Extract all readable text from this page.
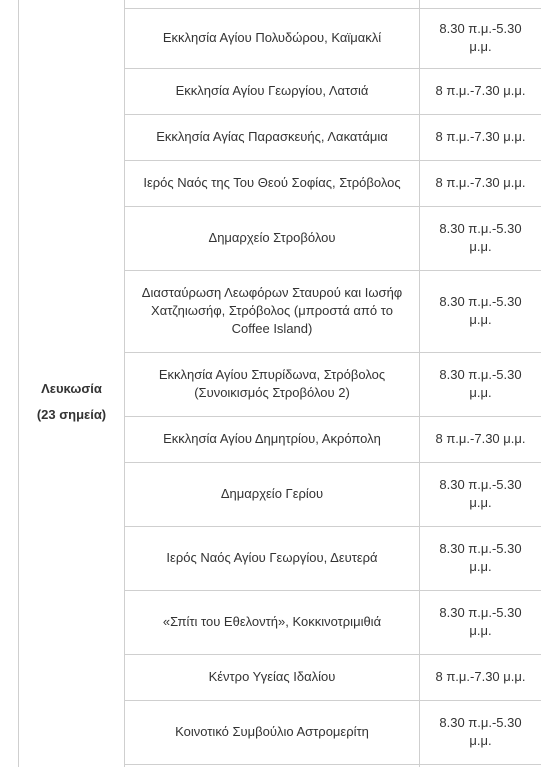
Λευκωσία
(23 σημεία)		

	Εκκλησία Αγίου Πολυδώρου, Καϊμακλί	8.30 π.μ.-5.30 μ.μ.
	Εκκλησία Αγίου Γεωργίου, Λατσιά	8 π.μ.-7.30 μ.μ.
	Εκκλησία Αγίας Παρασκευής, Λακατάμια	8 π.μ.-7.30 μ.μ.
	Ιερός Ναός της Του Θεού Σοφίας, Στρόβολος	8 π.μ.-7.30 μ.μ.
	Δημαρχείο Στροβόλου	8.30 π.μ.-5.30 μ.μ.
	Διασταύρωση Λεωφόρων Σταυρού και Ιωσήφ Χατζηιωσήφ, Στρόβολος (μπροστά από το Coffee Island)	8.30 π.μ.-5.30 μ.μ.
	Εκκλησία Αγίου Σπυρίδωνα, Στρόβολος (Συνοικισμός Στροβόλου 2)	8.30 π.μ.-5.30 μ.μ.
	Εκκλησία Αγίου Δημητρίου, Ακρόπολη	8 π.μ.-7.30 μ.μ.
	Δημαρχείο Γερίου	8.30 π.μ.-5.30 μ.μ.
	Ιερός Ναός Αγίου Γεωργίου, Δευτερά	8.30 π.μ.-5.30 μ.μ.
	«Σπίτι του Εθελοντή», Κοκκινοτριμιθιά	8.30 π.μ.-5.30 μ.μ.
	Κέντρο Υγείας Ιδαλίου	8 π.μ.-7.30 μ.μ.
	Κοινοτικό Συμβούλιο Αστρομερίτη	8.30 π.μ.-5.30 μ.μ.
